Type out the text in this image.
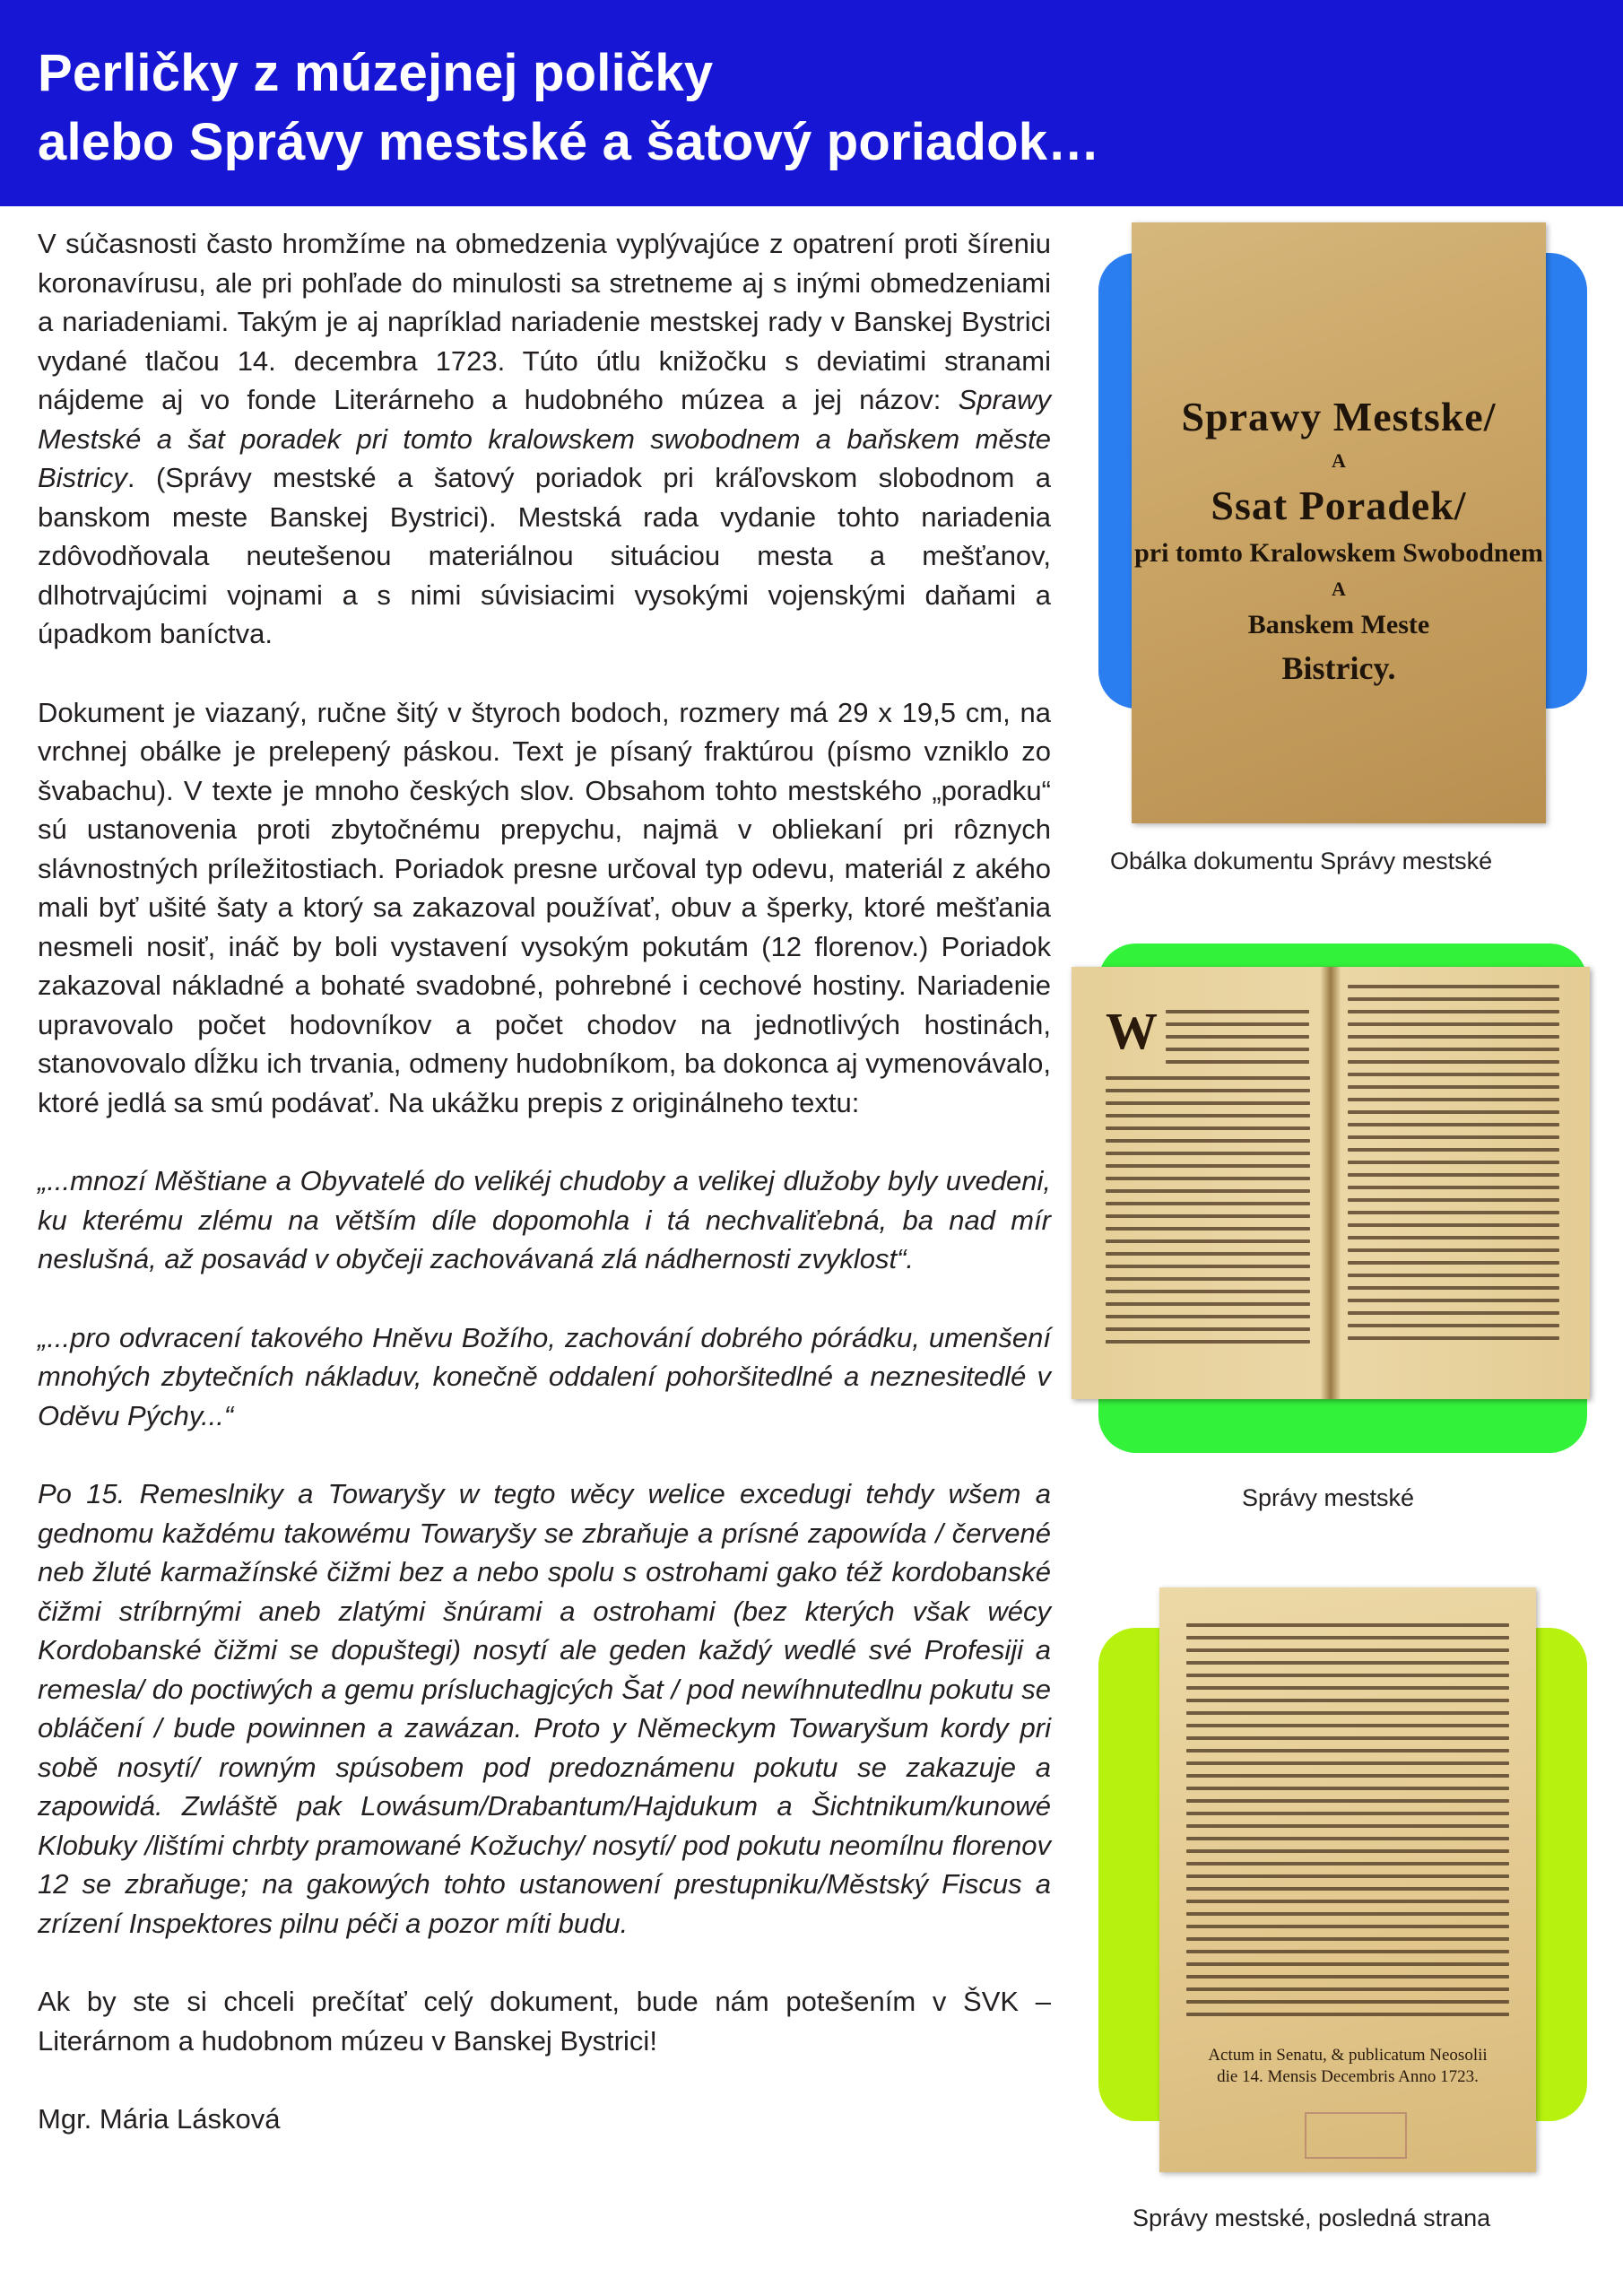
Perličky z múzejnej poličky
alebo Správy mestské a šatový poriadok…

V súčasnosti často hromžíme na obmedzenia vyplývajúce z opatrení proti šíreniu koronavírusu, ale pri pohľade do minulosti sa stretneme aj s inými obmedzeniami a nariadeniami. Takým je aj napríklad nariadenie mestskej rady v Banskej Bystrici vydané tlačou 14. decembra 1723. Túto útlu knižočku s deviatimi stranami nájdeme aj vo fonde Literárneho a hudobného múzea a jej názov: Sprawy Mestské a šat poradek pri tomto kralowskem swobodnem a baňskem měste Bistricy. (Správy mestské a šatový poriadok pri kráľovskom slobodnom a banskom meste Banskej Bystrici). Mestská rada vydanie tohto nariadenia zdôvodňovala neutešenou materiálnou situáciou mesta a mešťanov, dlhotrvajúcimi vojnami a s nimi súvisiacimi vysokými vojenskými daňami a úpadkom baníctva.

Dokument je viazaný, ručne šitý v štyroch bodoch, rozmery má 29 x 19,5 cm, na vrchnej obálke je prelepený páskou. Text je písaný fraktúrou (písmo vzniklo zo švabachu). V texte je mnoho českých slov. Obsahom tohto mestského „poradku“ sú ustanovenia proti zbytočnému prepychu, najmä v obliekaní pri rôznych slávnostných príležitostiach. Poriadok presne určoval typ odevu, materiál z akého mali byť ušité šaty a ktorý sa zakazoval používať, obuv a šperky, ktoré mešťania nesmeli nosiť, ináč by boli vystavení vysokým pokutám (12 florenov.) Poriadok zakazoval nákladné a bohaté svadobné, pohrebné i cechové hostiny. Nariadenie upravovalo počet hodovníkov a počet chodov na jednotlivých hostinách, stanovovalo dĺžku ich trvania, odmeny hudobníkom, ba dokonca aj vymenovávalo, ktoré jedlá sa smú podávať. Na ukážku prepis z originálneho textu:

„...mnozí Měštiane a Obyvatelé do velikéj chudoby a velikej dlužoby byly uvedeni, ku kterému zlému na větším díle dopomohla i tá nechvaliťebná, ba nad mír neslušná, až posavád v obyčeji zachovávaná zlá nádhernosti zvyklost“.

„...pro odvracení takového Hněvu Božího, zachování dobrého pórádku, umenšení mnohých zbytečních nákladuv, konečně oddalení pohoršitedlné a neznesitedlé v Oděvu Pýchy...“

Po 15. Remeslniky a Towaryšy w tegto wěcy welice excedugi tehdy wšem a gednomu každému takowému Towaryšy se zbraňuje a prísné zapowída / červené neb žluté karmažínské čižmi bez a nebo spolu s ostrohami gako též kordobanské čižmi stríbrnými aneb zlatými šnúrami a ostrohami (bez kterých však wécy Kordobanské čižmi se dopuštegi) nosytí ale geden každý wedlé své Profesiji a remesla/ do poctiwých a gemu prísluchagjcých Šat / pod newíhnutedlnu pokutu se obláčení / bude powinnen a zawázan. Proto y Německym Towaryšum kordy pri sobě nosytí/ rowným spúsobem pod predoznámenu pokutu se zakazuje a zapowidá. Zwláště pak Lowásum/Drabantum/Hajdukum a Šichtnikum/kunowé Klobuky /lištími chrbty pramowané Kožuchy/ nosytí/ pod pokutu neomílnu florenov 12 se zbraňuge; na gakowých tohto ustanowení prestupniku/Městský Fiscus a zrízení Inspektores pilnu péči a pozor míti budu.

Ak by ste si chceli prečítať celý dokument, bude nám potešením v ŠVK – Literárnom a hudobnom múzeu v Banskej Bystrici!

Mgr. Mária Lásková

Sprawy Mestske/
A
Ssat Poradek/
pri tomto Kralowskem Swobodnem
A
Banskem Meste
Bistricy.
Obálka dokumentu Správy mestské
W
Správy mestské
Actum in Senatu, & publicatum Neosolii
die 14. Mensis Decembris Anno 1723.
Správy mestské, posledná strana
